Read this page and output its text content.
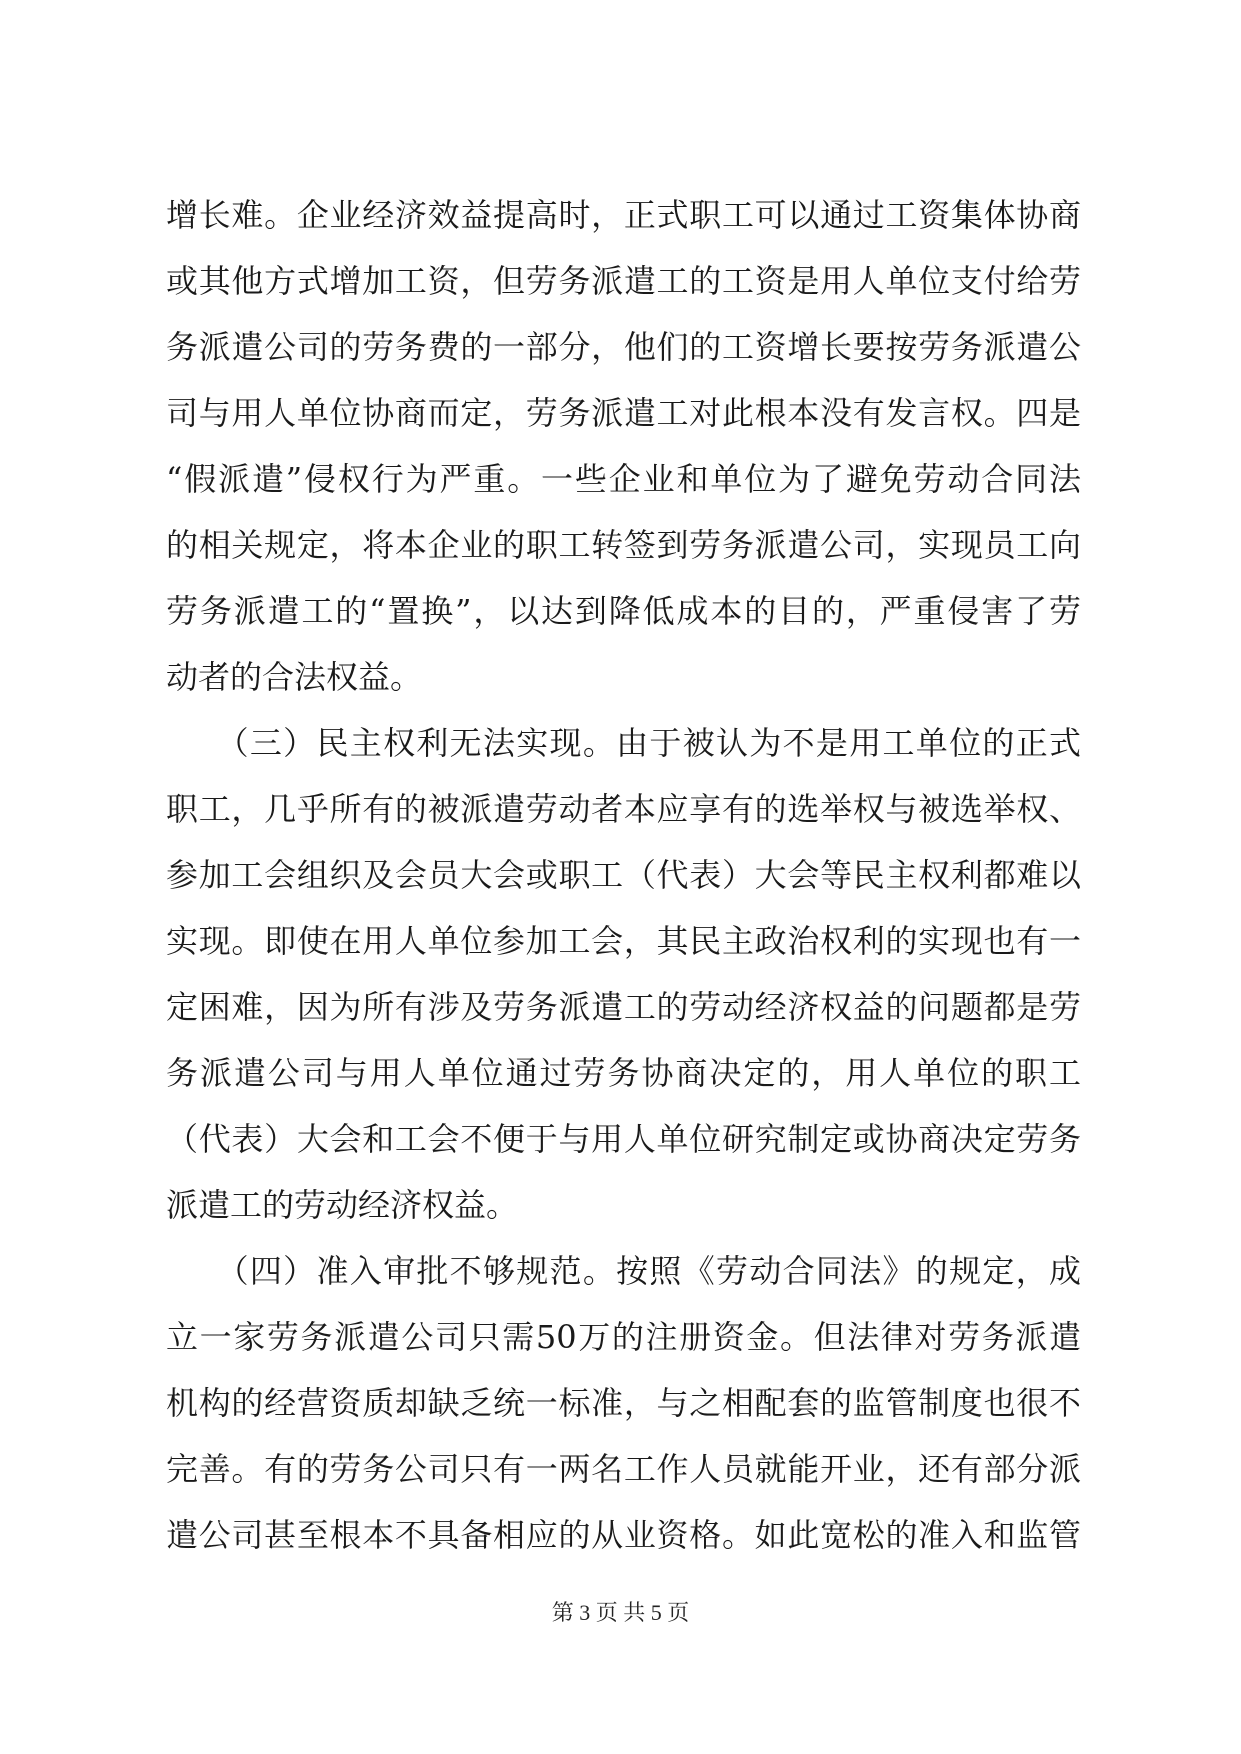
增长难。企业经济效益提高时，正式职工可以通过工资集体协商
或其他方式增加工资，但劳务派遣工的工资是用人单位支付给劳
务派遣公司的劳务费的一部分，他们的工资增长要按劳务派遣公
司与用人单位协商而定，劳务派遣工对此根本没有发言权。四是
“假派遣”侵权行为严重。一些企业和单位为了避免劳动合同法
的相关规定，将本企业的职工转签到劳务派遣公司，实现员工向
劳务派遣工的“置换”，以达到降低成本的目的，严重侵害了劳
动者的合法权益。
　　（三）民主权利无法实现。由于被认为不是用工单位的正式
职工，几乎所有的被派遣劳动者本应享有的选举权与被选举权、
参加工会组织及会员大会或职工（代表）大会等民主权利都难以
实现。即使在用人单位参加工会，其民主政治权利的实现也有一
定困难，因为所有涉及劳务派遣工的劳动经济权益的问题都是劳
务派遣公司与用人单位通过劳务协商决定的，用人单位的职工
（代表）大会和工会不便于与用人单位研究制定或协商决定劳务
派遣工的劳动经济权益。
　　（四）准入审批不够规范。按照《劳动合同法》的规定，成
立一家劳务派遣公司只需50万的注册资金。但法律对劳务派遣
机构的经营资质却缺乏统一标准，与之相配套的监管制度也很不
完善。有的劳务公司只有一两名工作人员就能开业，还有部分派
遣公司甚至根本不具备相应的从业资格。如此宽松的准入和监管
第 3 页 共 5 页
